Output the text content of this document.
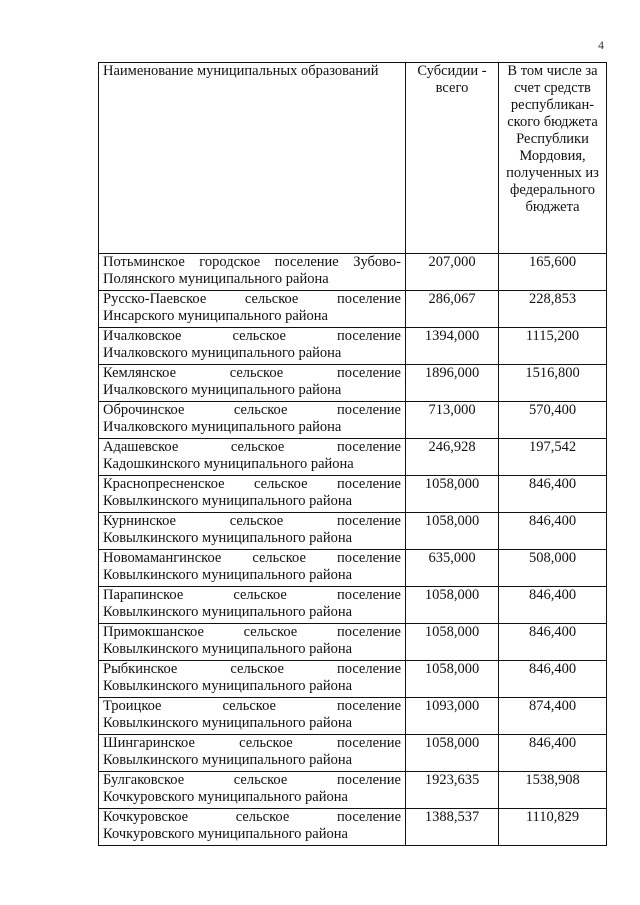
4
Наименование муниципальных образований	Субсидии - всего	В том числе за счет средств республикан-ского бюджета Республики Мордовия, полученных из федерального бюджета

Потьминское городское поселение Зубово-
Полянского муниципального района	207,000	165,600

Русско-Паевское сельское поселение
Инсарского муниципального района	286,067	228,853

Ичалковское сельское поселение
Ичалковского муниципального района	1394,000	1115,200

Кемлянское сельское поселение
Ичалковского муниципального района	1896,000	1516,800

Оброчинское сельское поселение
Ичалковского муниципального района	713,000	570,400

Адашевское сельское поселение
Кадошкинского муниципального района	246,928	197,542

Краснопресненское сельское поселение
Ковылкинского муниципального района	1058,000	846,400

Курнинское сельское поселение
Ковылкинского муниципального района	1058,000	846,400

Новомамангинское сельское поселение
Ковылкинского муниципального района	635,000	508,000

Парапинское сельское поселение
Ковылкинского муниципального района	1058,000	846,400

Примокшанское сельское поселение
Ковылкинского муниципального района	1058,000	846,400

Рыбкинское сельское поселение
Ковылкинского муниципального района	1058,000	846,400

Троицкое сельское поселение
Ковылкинского муниципального района	1093,000	874,400

Шингаринское сельское поселение
Ковылкинского муниципального района	1058,000	846,400

Булгаковское сельское поселение
Кочкуровского муниципального района	1923,635	1538,908

Кочкуровское сельское поселение
Кочкуровского муниципального района	1388,537	1110,829
